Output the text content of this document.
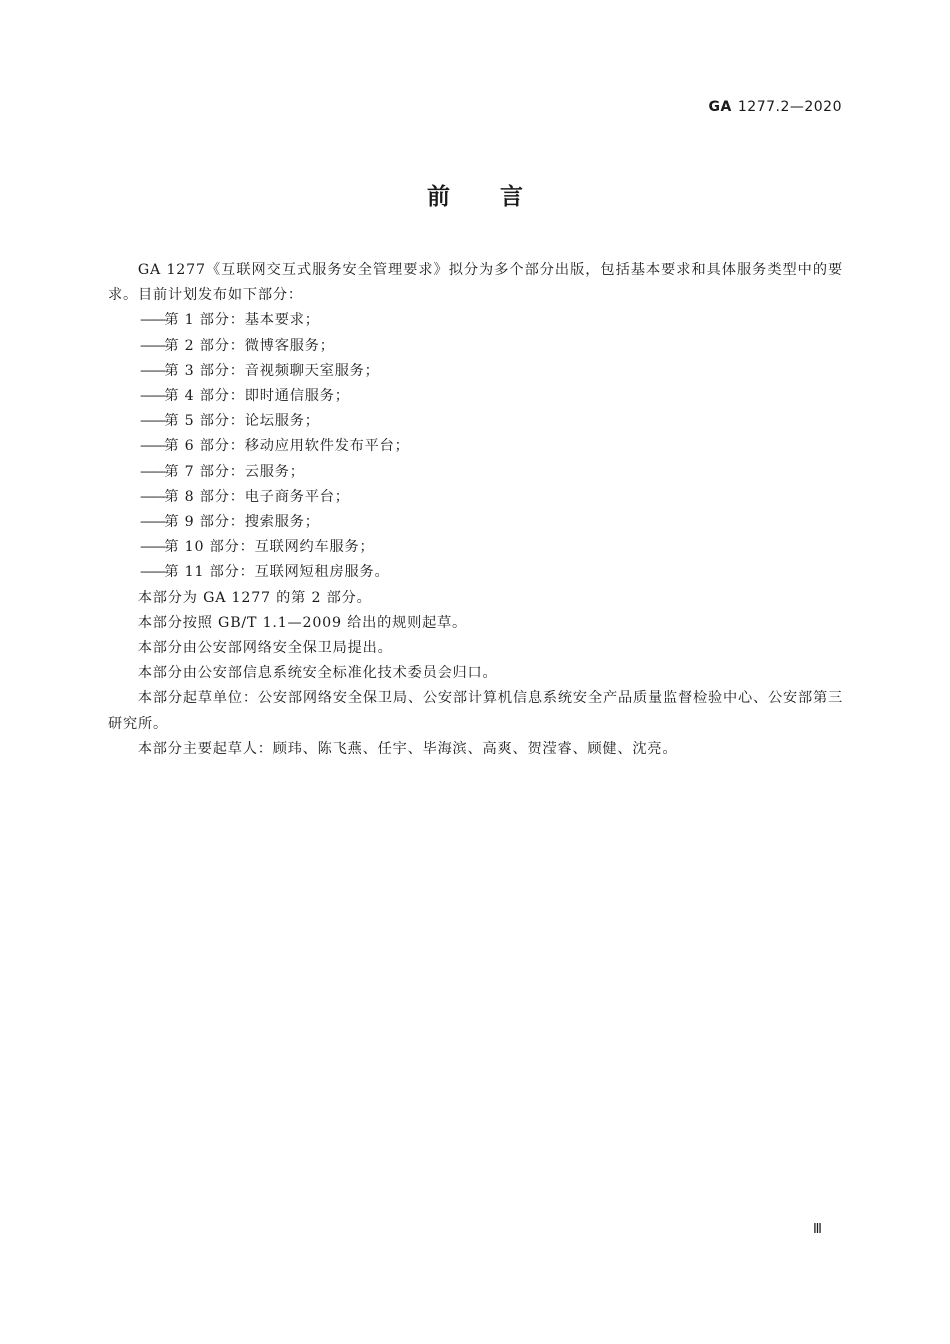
GA 1277.2—2020
前言

GA 1277《互联网交互式服务安全管理要求》拟分为多个部分出版，包括基本要求和具体服务类型中的要求。目前计划发布如下部分：

——第 1 部分：基本要求；

——第 2 部分：微博客服务；

——第 3 部分：音视频聊天室服务；

——第 4 部分：即时通信服务；

——第 5 部分：论坛服务；

——第 6 部分：移动应用软件发布平台；

——第 7 部分：云服务；

——第 8 部分：电子商务平台；

——第 9 部分：搜索服务；

——第 10 部分：互联网约车服务；

——第 11 部分：互联网短租房服务。

本部分为 GA 1277 的第 2 部分。

本部分按照 GB/T 1.1—2009 给出的规则起草。

本部分由公安部网络安全保卫局提出。

本部分由公安部信息系统安全标准化技术委员会归口。

本部分起草单位：公安部网络安全保卫局、公安部计算机信息系统安全产品质量监督检验中心、公安部第三研究所。

本部分主要起草人：顾玮、陈飞燕、任宇、毕海滨、高爽、贺滢睿、顾健、沈亮。

Ⅲ
